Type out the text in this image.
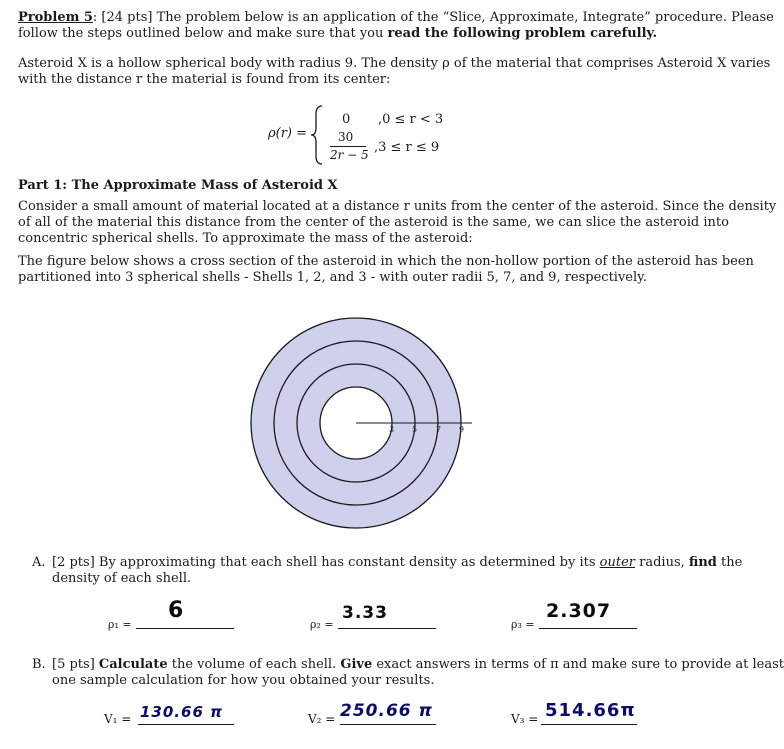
Problem 5: [24 pts] The problem below is an application of the “Slice, Approximate, Integrate” procedure. Please
follow the steps outlined below and make sure that you read the following problem carefully.
Asteroid X is a hollow spherical body with radius 9. The density ρ of the material that comprises Asteroid X varies
with the distance r the material is found from its center:
ρ(r) =
0 ,0 ≤ r < 3
30
2r − 5 ,3 ≤ r ≤ 9
Part 1: The Approximate Mass of Asteroid X
Consider a small amount of material located at a distance r units from the center of the asteroid. Since the density
of all of the material this distance from the center of the asteroid is the same, we can slice the asteroid into
concentric spherical shells. To approximate the mass of the asteroid:
The figure below shows a cross section of the asteroid in which the non-hollow portion of the asteroid has been
partitioned into 3 spherical shells - Shells 1, 2, and 3 - with outer radii 5, 7, and 9, respectively.
3 5 7 9
A. [2 pts] By approximating that each shell has constant density as determined by its outer radius, find the
density of each shell.
ρ₁ =
6
ρ₂ =
3.33
ρ₃ =
2.307
B. [5 pts] Calculate the volume of each shell. Give exact answers in terms of π and make sure to provide at least
one sample calculation for how you obtained your results.
V₁ = 130.66 π	V₂ = 250.66 π	V₃ = 514.66π
